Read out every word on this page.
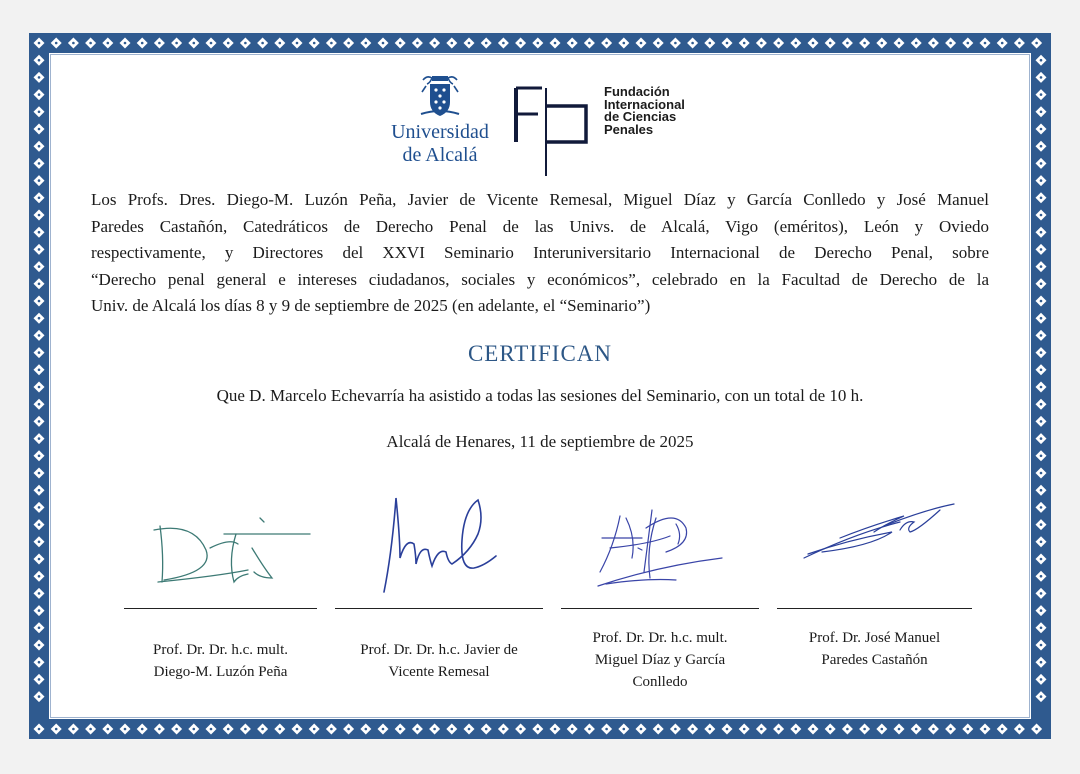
Universidad
de Alcalá
Fundación
Internacional
de Ciencias
Penales
Los Profs. Dres. Diego-M. Luzón Peña, Javier de Vicente Remesal, Miguel Díaz y García Conlledo y José Manuel
Paredes Castañón, Catedráticos de Derecho Penal de las Univs. de Alcalá, Vigo (eméritos), León y Oviedo
respectivamente, y Directores del XXVI Seminario Interuniversitario Internacional de Derecho Penal, sobre
“Derecho penal general e intereses ciudadanos, sociales y económicos”, celebrado en la Facultad de Derecho de la
Univ. de Alcalá los días 8 y 9 de septiembre de 2025 (en adelante, el “Seminario”)
CERTIFICAN
Que D. Marcelo Echevarría ha asistido a todas las sesiones del Seminario, con un total de 10 h.
Alcalá de Henares, 11 de septiembre de 2025
Prof. Dr. Dr. h.c. mult.
Diego-M. Luzón Peña
Prof. Dr. Dr. h.c. Javier de
Vicente Remesal
Prof. Dr. Dr. h.c. mult.
Miguel Díaz y García
Conlledo
Prof. Dr. José Manuel
Paredes Castañón
